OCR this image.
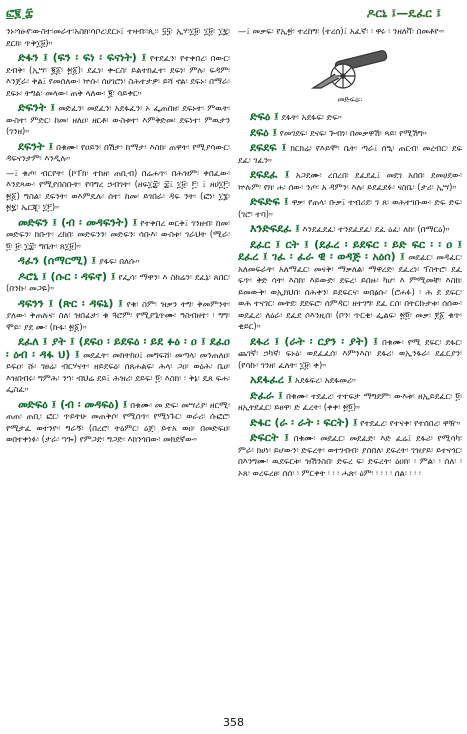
ፎ፪ ፰	ዶርኒ ፤—ዴፈር ፤

ንኑ፡ጎፁየ፡ውስተ፡መራተ፡አስክ፡ሳቦረ፡ደርኑ፤ ተዛብ፡፡ጲ፡፡ ፶፶፡ ኢሃ፡፲፱፡ ፲፱፡ ፲፯፡ ደርክ፡ ጥቅ፲፱)።

ድፋን ፤ (ፍን ፡ ፍነ ፡ ፍናነት) ፤ የተደፈን፡ የተቀበረ፡ በውር፡ ደብቅ፡ (ኢሣ፡ ፪፩፡ ፳፩)፡ ደፈነ፡ ቍርስ፡ ይልተከፈተ፡ ደፍነ፡ ምሉ፡ ፍዳም፡ እንጀራ፡ ቅል፤ የመሰለው፡ ኵሱ፡ ሰሀገሮነ፡ ስሕተታዎ፡ ይሻ ኖል፡ ደፍኑ፡ በማራ፡ ደፍኑ፡ ትግል፡ መላው፡ ጠቅ ላለው፡ ፪፡ ሳይቀር።

ድፍንት ፤ መድፈን፡ መደፈን፡ አደፋፈን፡ ኦ ፌጠበዘ፡ ደፍኑተ፡ ምዉት፡ ውስተ፡ ምድር፡ ከመ፡ ዘለዐ፡ ዘርቶ፡ ውስቱተ፡ እምቅድመ፡ ደፍነተ፡ ምዉታን (ገንዘ)።

ደፍንት ፤ በቁሙ፡ የዐይን፡ በሽታ፡ ከማታ፡ እስክ፡ ጠዋት፡ የሚያሳውር፡ ዳፍናንታም፡ እንዲሉ።

—፤ ቁጦ፡ ብርየት፡ (ኮፐክ፡ ተከዘ፡ ጠቢብ) በሬሐጥ፡ በሕዝም፡ ቀበፈው፡ እንደጻው፡ የሚያበስቡት፡ የባግረ ኃብገት፡ (ዘፍ፲፰፡ ፰፤ ፲፱፡ ፫፡ ፤ ዘሀ፲፫፡ ፳፩) ግስል፡ ደፍንት፡ ወእምዴሉ፡ ሰተ፡ ከመ፡ ይገበራ፡ ዳፍ ንት፡ (ፎነ፡ ፲፮፡ ፳፯፡ ኤርጂ፡ ፲፫)።

መድፍን ፤ (ብ ፡ መዳፍንት) ፤ የተቀበረ ወርቅ፤ ገንዘብ፡ ከመ፡ መድፍን፡ ክቡጥ፡ ረከበ፡ መድፍንን፡ መድፍን፡ ሳቡእ፡ ውስቱ፡ ገራህት (ሚራ፡ ፬፡ ፱፡ ፲፰፡ ግቤት፡ ጸ፲፱)።

ዳፈን (ሰማርሚ) ፤ ያፋፍ፡ በለሱ።

ዶሮኒ ፤ (ሱር ፡ ዳፍኖ) ፤ የፌሳ፡ ማዋን፡ እ ስከሬን፡ ደፈኔ፡ ጸበር፡ (በንኩ፡ መጋዬ)።

ዳፍንን ፤ (ጽር ፡ ዳፍኒ) ፤ የቁ፡ ስም፡ ዝቃን ትግ፡ ቅመምንት፡ ያለው፡ ቅጠሉና፡ ስለ፡ ዝበፊታ፡ ቁ ጓሮም፡ የሚያጌጥሙ፡ ዓስብዘተ፡ ፡ ግግ፡ ሞይ፡ ያደ ሙ፡ (ኩፋ፡ ፳፩)።

ደፈለ ፤ ያት ፤ (ደፍዐ ፡ ይደፍዕ ፡ ይደ ፉዕ ፡ ዐ ፤ ደፈዐ ፡ ዕብ ፡ ዳፋ ህ) ፤ መደፈት፡ መክትከዐ፤ መግፍሸ፡ መጣላ፡ መንጠለዐ፡ ይፍዐ፡ ሹ፡ ገፀሬ፡ ብርሃናት፡ ዘይደፍዕ፡ ሰጸሐልፍ፡ ሕላ፡ ጋዐ፡ ወዕሕ፡ ቤሀ፡ እዝበብሩ፡ ግምሕ፡ ንኀ፡ ብህሬ ደይ፤ ሕዝሪ፡ ደይፍ፡ ፬፡ እስክ፡ ፡ ቅኔ፡ ዴጸ ፍሐ፡ ፌስፈ።

መድፍዕ ፤ (ብ ፡ መዳፍዕ) ፤ በቁሙ፡ መ ድፍ፡ መሣሪያ፡ ዘርሚ፡ ጠጠ፡ ጠቢ፡ ፎር፡ ጥይትሁ መጠቅሶ፡ የሚሰጥ፡ የሚነጉር፡ ወራሪ፡ ሱፎሮ፡ የሚታፈ ወተንዮ፡ ግራኝ፡ (በረሮ፡ ትዕምር፡ ዕጀ፡ ይተአ ወዐ፡ በመድፍዐ፡ ወበተቀነፉ፡ (ታራ፡ ኀጐ) የምጋድ፡ ግጋድ፡ እክንጎበው፡ መክደኛው።

—፤ መቃፍ፡ የኢ፳፡ ተረከግ፡ (ተረሰ)፤ አፈኛ፡ ፡ ዋሩ ፡ ንዘለቫ፡ በመቶዮ።

መድፍዕ።

ድፍዕ ፤ ደፋት፡ አደፋፍ፡ ድፍ።

ደፍዕ ፤ የመገደፍ፡ ደናፍ፡ ጕብነ፡ በመቃዋሽ፡ ጻይ፡ የሚሽግ።

ደፍደፍ ፤ ክርክሬ፡ የእይሞ፡ ቤት፡ ጣራ፤ ሰዒ፡ ጠርብ፡ መረብር፡ ደፍ ደፈ፡ ገፈን።

ደፍደፈ ፤ አጋደሙ፡ ረበረበ፡ ደፈደፈ፤ መደገ አበበ፡ ደመሀደው፡ ኵሉም፡ የክ፡ ሐ፡ ሰው፡ ንጦ፡ አ ዳምን፡ እሉ፡ ይደፈደፉ፡ ናስቤ፡ (ታሪ፡ ኢሣ)።

ድፍድፍ ፤ ዋቃ፡ የጠላ፡ ቡቃ፤ ተብሪደ፡ ገ ጸ፡ ወሕተገቡው፡ ድፍ ድፍ፡ (ገሮ፡ ተባ)።

እንድፍደፈ ፤ እንደፈደፈ፡ ተንደፈደፈ፡ ደፈ ዕፈ፡ ለከ፡ (በማርዕ)።

ደፈር ፤ ርት ፤ (ደፈረ ፡ ይደፍር ፡ ይድ ፍር ፡ ፡ ዐ ፤ ደፈረ ፤ ገፈ ፡ ፈራ ዊ ፡ ወዳጅ ፡ አዕሰ) ፤ መደፈር፡ መዳፈር፡ አለመፍራት፡ አለማፈር፡ መናቅ፡ ማቃለል፡ ማዋረድ፡ ደፈረነ፡ ፕስትሮ፡ ደፈ ፍጥ፡ ቅድ ሳት፡ እስክ፡ እይውድ፡ ደፍረ፡ ይበዙ፡ ካሆ፡ እ ምሚመቸ፡ እስክ፡ ይመውቅ፡ ወኢክህበ፡ ሰሕቀን፡ ይደፍርና፡ ወበፅሱ፡ (ሮሐፉ) ፡ ሕ ደ ደፍር፡ ወሕ ተናገር፡ መትደ፡ ደደፍሮ፡ ሰምዳር፡ ዘተገግ፡ ደፈ ርሰ፡ በትርኩታቱ፡ ሰሰው፡ ወደፈረ፡ ለዕራ፡ ደፈደ ሶእንዚሰ፡ (ቦን፡ ጥርቂ፡ ፌልፍ፡ ፳፬፡ መቃ፡ ፻፩ ቁጥ፡ ቂይር)።

ደፋሪ ፤ (ራት ፡ ርያን ፡ ያት) ፤ በቁሙ፡ የሚ ደፍር፡ ደፋር፡ ጨገኛ፡ ኃካኛ፡ ፍኑዕ፡ ወደፈፈሰ፡ እምንእስ፡ ደፋሪ፡ ወኢንፋራ፡ ደፈርያን፡ (የሳኩ፡ ገንዘ፡ ፈለት፡ ፲፱፡ ቀ)።

አደፋፈረ ፤ አደፋፍረ፡ አደፋመሪ።

ድፈራ ፤ በቁሙ፡ ተደፈረ፡ ተተፍታ ማግደም፡ ውእቱ፡ ዘኢይደፈር፡ ፬፡ ዘኢትደፈር፡ ይፀዋ፡ ድ ፈረት፡ (ቀቀ፡ ፳፬)።

ድፋር (ራ ፡ ራት ፡ ፍርት) ፤ የተደፈረ፡ የተናቀ፡ የተሰበረ፡ ዋዥ።

ድፍርት ፤ በቁሙ፡ መደፈር፡ መደፈድ፡ እድ ፈሬ፤ ደፋሪ፡ የሚሳካ፡ ምራ፡ ክሀነ፡ ይሆውን፡ ድፍረት፡ ወተገብብ፡ ያሰበለ፡ ደፍረት፡ ገዝያይ፡ ይተናጎር፡ በእንግሙ፡ ዉደፍርቱ፡ ዝሽንስበ፡ ድፍረ ፍ፡ ድፍረት፡ ዕዐክ፡ ፡ ምል፡ ፡ ሰለ፡ ፡ ኦጸ፡ ወረፍረፀ፡ ሰሰ፡ ፡ ምርቀት ፡ ፡ ፡ ሓጽ፡ ዕም፡ ፡ ፡ ፡ ፡ ሰል፡ ፡ ፡ ፡

358
